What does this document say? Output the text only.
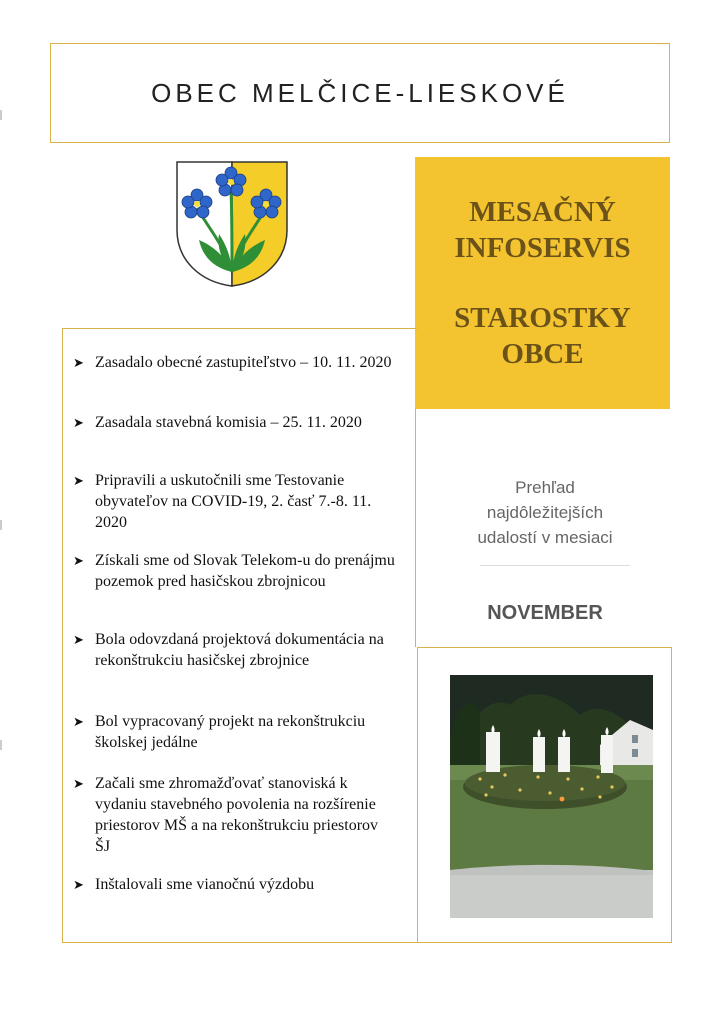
OBEC MELČICE-LIESKOVÉ
MESAČNÝ
INFOSERVIS
STAROSTKY
OBCE
Prehľad
najdôležitejších
udalostí v mesiaci
NOVEMBER
➤ Zasadalo obecné zastupiteľstvo – 10. 11. 2020
➤ Zasadala stavebná komisia – 25. 11. 2020
➤ Pripravili a uskutočnili sme Testovanie obyvateľov na COVID-19, 2. časť 7.-8. 11. 2020
➤ Získali sme od Slovak Telekom-u do prenájmu pozemok pred hasičskou zbrojnicou
➤ Bola odovzdaná projektová dokumentácia na rekonštrukciu hasičskej zbrojnice
➤ Bol vypracovaný projekt na rekonštrukciu školskej jedálne
➤ Začali sme zhromažďovať stanoviská k vydaniu stavebného povolenia na rozšírenie priestorov MŠ a na rekonštrukciu priestorov ŠJ
➤ Inštalovali sme vianočnú výzdobu
